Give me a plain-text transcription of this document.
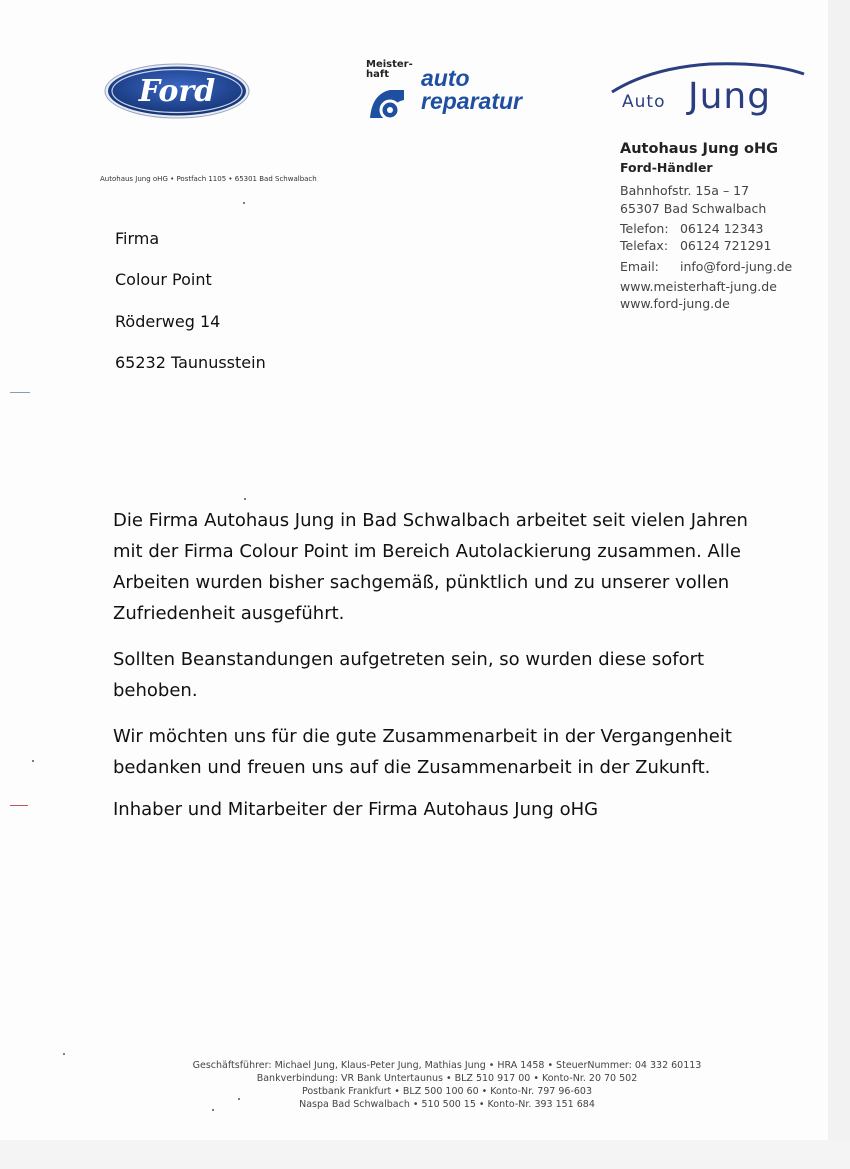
Ford
Meister-
haft	auto
reparatur	Auto Jung
Autohaus Jung oHG • Postfach 1105 • 65301 Bad Schwalbach
Autohaus Jung oHG
Ford-Händler
Bahnhofstr. 15a – 17
65307 Bad Schwalbach
Telefon: 06124 12343
Telefax: 06124 721291
Email: info@ford-jung.de
www.meisterhaft-jung.de
www.ford-jung.de
Firma
Colour Point
Röderweg 14
65232 Taunusstein

Die Firma Autohaus Jung in Bad Schwalbach arbeitet seit vielen Jahren mit der Firma Colour Point im Bereich Autolackierung zusammen. Alle Arbeiten wurden bisher sachgemäß, pünktlich und zu unserer vollen Zufriedenheit ausgeführt.

Sollten Beanstandungen aufgetreten sein, so wurden diese sofort behoben.

Wir möchten uns für die gute Zusammenarbeit in der Vergangenheit bedanken und freuen uns auf die Zusammenarbeit in der Zukunft.

Inhaber und Mitarbeiter der Firma Autohaus Jung oHG

Geschäftsführer: Michael Jung, Klaus-Peter Jung, Mathias Jung • HRA 1458 • SteuerNummer: 04 332 60113
Bankverbindung: VR Bank Untertaunus • BLZ 510 917 00 • Konto-Nr. 20 70 502
Postbank Frankfurt • BLZ 500 100 60 • Konto-Nr. 797 96-603
Naspa Bad Schwalbach • 510 500 15 • Konto-Nr. 393 151 684
